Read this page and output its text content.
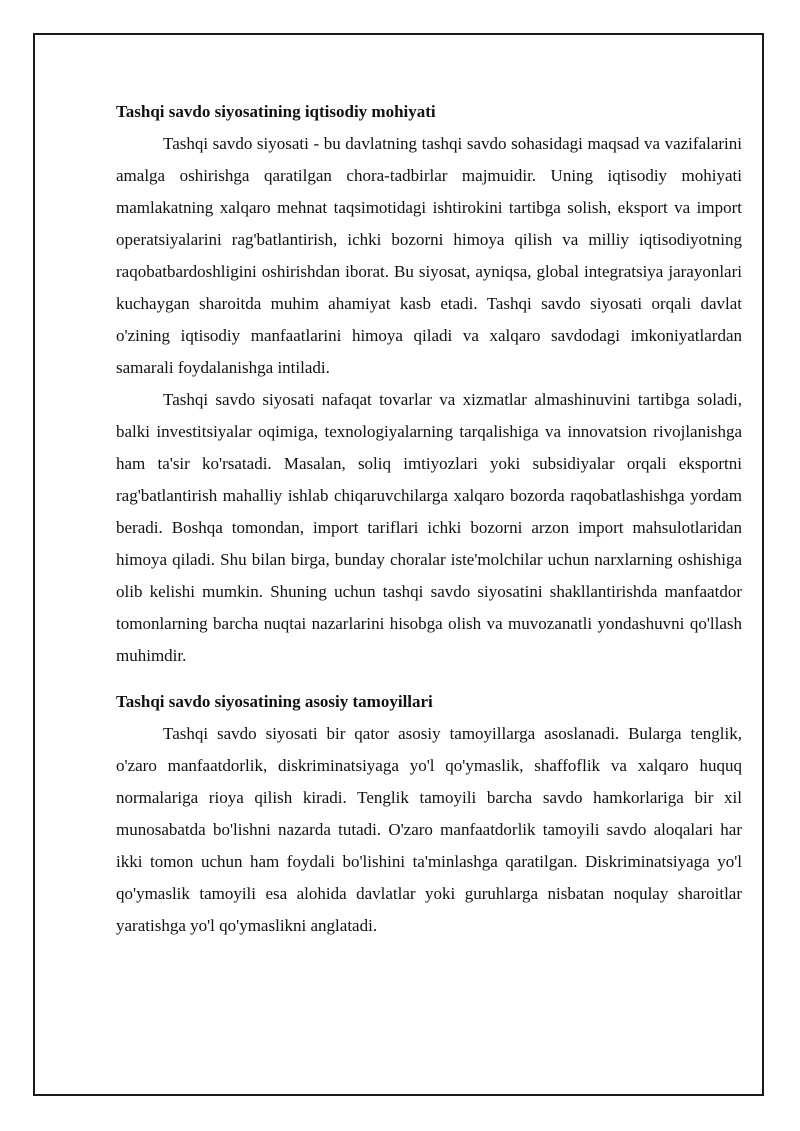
Tashqi savdo siyosatining iqtisodiy mohiyati

Tashqi savdo siyosati - bu davlatning tashqi savdo sohasidagi maqsad va vazifalarini amalga oshirishga qaratilgan chora-tadbirlar majmuidir. Uning iqtisodiy mohiyati mamlakatning xalqaro mehnat taqsimotidagi ishtirokini tartibga solish, eksport va import operatsiyalarini rag'batlantirish, ichki bozorni himoya qilish va milliy iqtisodiyotning raqobatbardoshligini oshirishdan iborat. Bu siyosat, ayniqsa, global integratsiya jarayonlari kuchaygan sharoitda muhim ahamiyat kasb etadi. Tashqi savdo siyosati orqali davlat o'zining iqtisodiy manfaatlarini himoya qiladi va xalqaro savdodagi imkoniyatlardan samarali foydalanishga intiladi.

Tashqi savdo siyosati nafaqat tovarlar va xizmatlar almashinuvini tartibga soladi, balki investitsiyalar oqimiga, texnologiyalarning tarqalishiga va innovatsion rivojlanishga ham ta'sir ko'rsatadi. Masalan, soliq imtiyozlari yoki subsidiyalar orqali eksportni rag'batlantirish mahalliy ishlab chiqaruvchilarga xalqaro bozorda raqobatlashishga yordam beradi. Boshqa tomondan, import tariflari ichki bozorni arzon import mahsulotlaridan himoya qiladi. Shu bilan birga, bunday choralar iste'molchilar uchun narxlarning oshishiga olib kelishi mumkin. Shuning uchun tashqi savdo siyosatini shakllantirishda manfaatdor tomonlarning barcha nuqtai nazarlarini hisobga olish va muvozanatli yondashuvni qo'llash muhimdir.

Tashqi savdo siyosatining asosiy tamoyillari

Tashqi savdo siyosati bir qator asosiy tamoyillarga asoslanadi. Bularga tenglik, o'zaro manfaatdorlik, diskriminatsiyaga yo'l qo'ymaslik, shaffoflik va xalqaro huquq normalariga rioya qilish kiradi. Tenglik tamoyili barcha savdo hamkorlariga bir xil munosabatda bo'lishni nazarda tutadi. O'zaro manfaatdorlik tamoyili savdo aloqalari har ikki tomon uchun ham foydali bo'lishini ta'minlashga qaratilgan. Diskriminatsiyaga yo'l qo'ymaslik tamoyili esa alohida davlatlar yoki guruhlarga nisbatan noqulay sharoitlar yaratishga yo'l qo'ymaslikni anglatadi.
